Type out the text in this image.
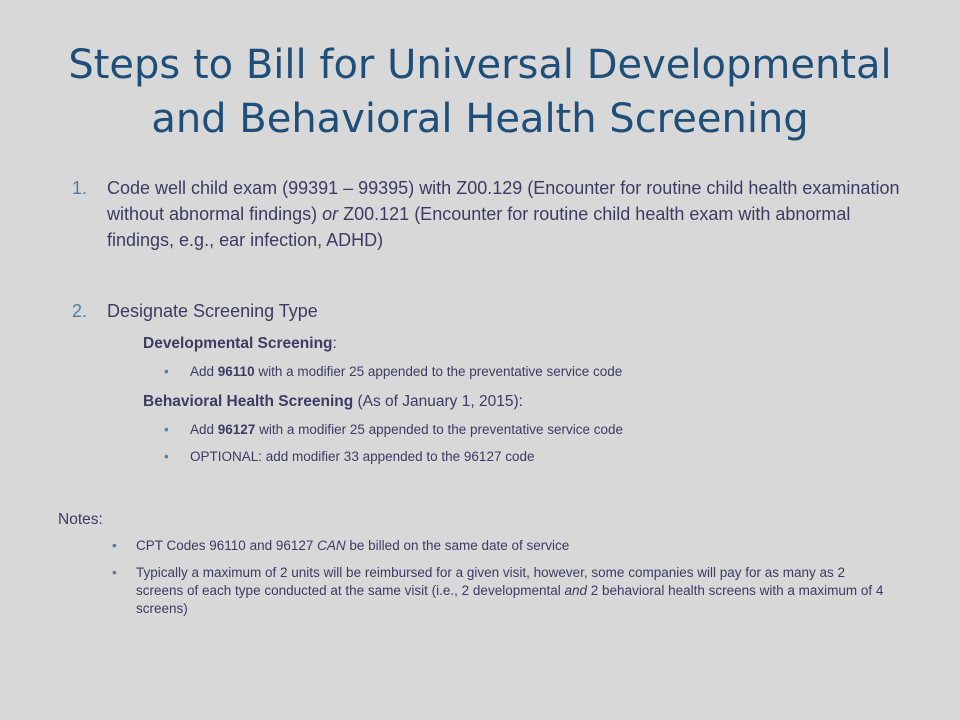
Steps to Bill for Universal Developmental
and Behavioral Health Screening
1. Code well child exam (99391 – 99395) with Z00.129 (Encounter for routine child health examination without abnormal findings) or Z00.121 (Encounter for routine child health exam with abnormal findings, e.g., ear infection, ADHD)
2. Designate Screening Type
Developmental Screening:
• Add 96110 with a modifier 25 appended to the preventative service code
Behavioral Health Screening (As of January 1, 2015):
• Add 96127 with a modifier 25 appended to the preventative service code
• OPTIONAL: add modifier 33 appended to the 96127 code
Notes:
• CPT Codes 96110 and 96127 CAN be billed on the same date of service
• Typically a maximum of 2 units will be reimbursed for a given visit, however, some companies will pay for as many as 2 screens of each type conducted at the same visit (i.e., 2 developmental and 2 behavioral health screens with a maximum of 4 screens)
